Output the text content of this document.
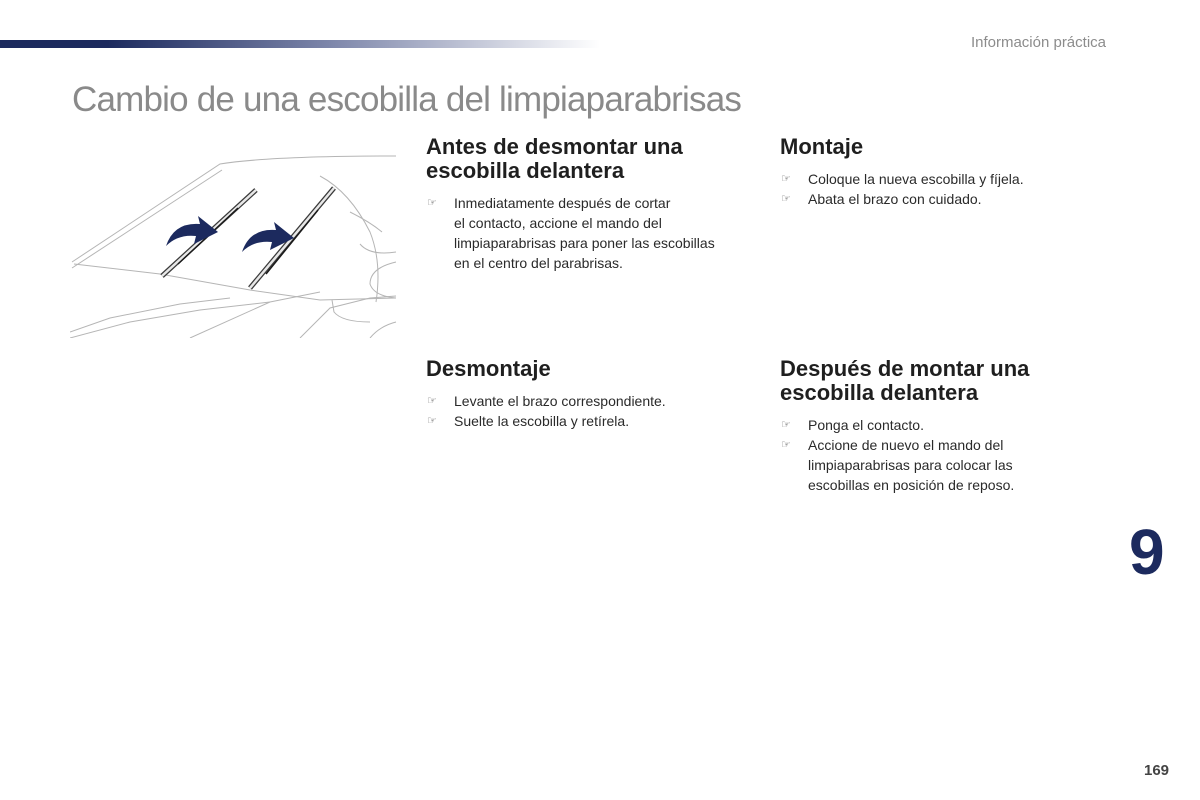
Información práctica
Cambio de una escobilla del limpiaparabrisas
Antes de desmontar una
escobilla delantera
☞ Inmediatamente después de cortar
el contacto, accione el mando del
limpiaparabrisas para poner las escobillas
en el centro del parabrisas.
Desmontaje
☞ Levante el brazo correspondiente.
☞ Suelte la escobilla y retírela.
Montaje
☞ Coloque la nueva escobilla y fíjela.
☞ Abata el brazo con cuidado.
Después de montar una
escobilla delantera
☞ Ponga el contacto.
☞ Accione de nuevo el mando del
limpiaparabrisas para colocar las
escobillas en posición de reposo.
9
169
